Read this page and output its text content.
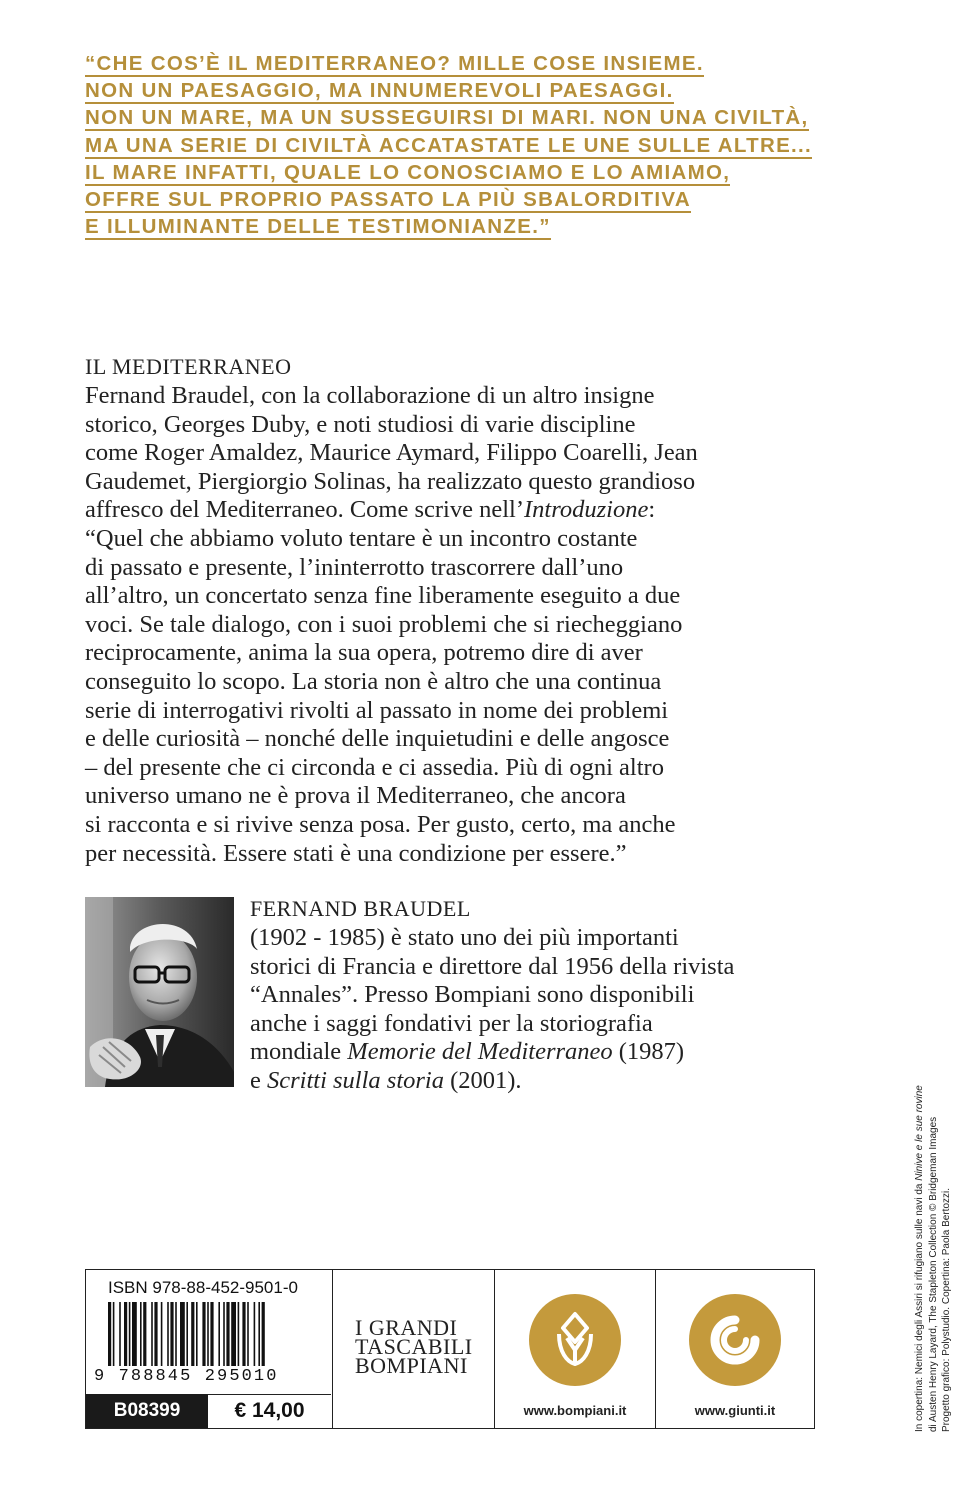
“CHE COS’È IL MEDITERRANEO? MILLE COSE INSIEME.
NON UN PAESAGGIO, MA INNUMEREVOLI PAESAGGI.
NON UN MARE, MA UN SUSSEGUIRSI DI MARI. NON UNA CIVILTÀ,
MA UNA SERIE DI CIVILTÀ ACCATASTATE LE UNE SULLE ALTRE...
IL MARE INFATTI, QUALE LO CONOSCIAMO E LO AMIAMO,
OFFRE SUL PROPRIO PASSATO LA PIÙ SBALORDITIVA
E ILLUMINANTE DELLE TESTIMONIANZE.”
IL MEDITERRANEO
Fernand Braudel, con la collaborazione di un altro insigne
storico, Georges Duby, e noti studiosi di varie discipline
come Roger Amaldez, Maurice Aymard, Filippo Coarelli, Jean
Gaudemet, Piergiorgio Solinas, ha realizzato questo grandioso
affresco del Mediterraneo. Come scrive nell’Introduzione:
“Quel che abbiamo voluto tentare è un incontro costante
di passato e presente, l’ininterrotto trascorrere dall’uno
all’altro, un concertato senza fine liberamente eseguito a due
voci. Se tale dialogo, con i suoi problemi che si riecheggiano
reciprocamente, anima la sua opera, potremo dire di aver
conseguito lo scopo. La storia non è altro che una continua
serie di interrogativi rivolti al passato in nome dei problemi
e delle curiosità – nonché delle inquietudini e delle angosce
– del presente che ci circonda e ci assedia. Più di ogni altro
universo umano ne è prova il Mediterraneo, che ancora
si racconta e si rivive senza posa. Per gusto, certo, ma anche
per necessità. Essere stati è una condizione per essere.”
FERNAND BRAUDEL
(1902 - 1985) è stato uno dei più importanti
storici di Francia e direttore dal 1956 della rivista
“Annales”. Presso Bompiani sono disponibili
anche i saggi fondativi per la storiografia
mondiale Memorie del Mediterraneo (1987)
e Scritti sulla storia (2001).
In copertina: Nemici degli Assiri si rifugiano sulle navi da Ninive e le sue rovine di Austen Henry Layard, The Stapleton Collection © Bridgeman Images Progetto grafico: Polystudio. Copertina: Paola Bertozzi.
ISBN 978-88-452-9501-0
9 788845 295010
B08399	€ 14,00
I GRANDI
TASCABILI
BOMPIANI
www.bompiani.it	www.giunti.it
